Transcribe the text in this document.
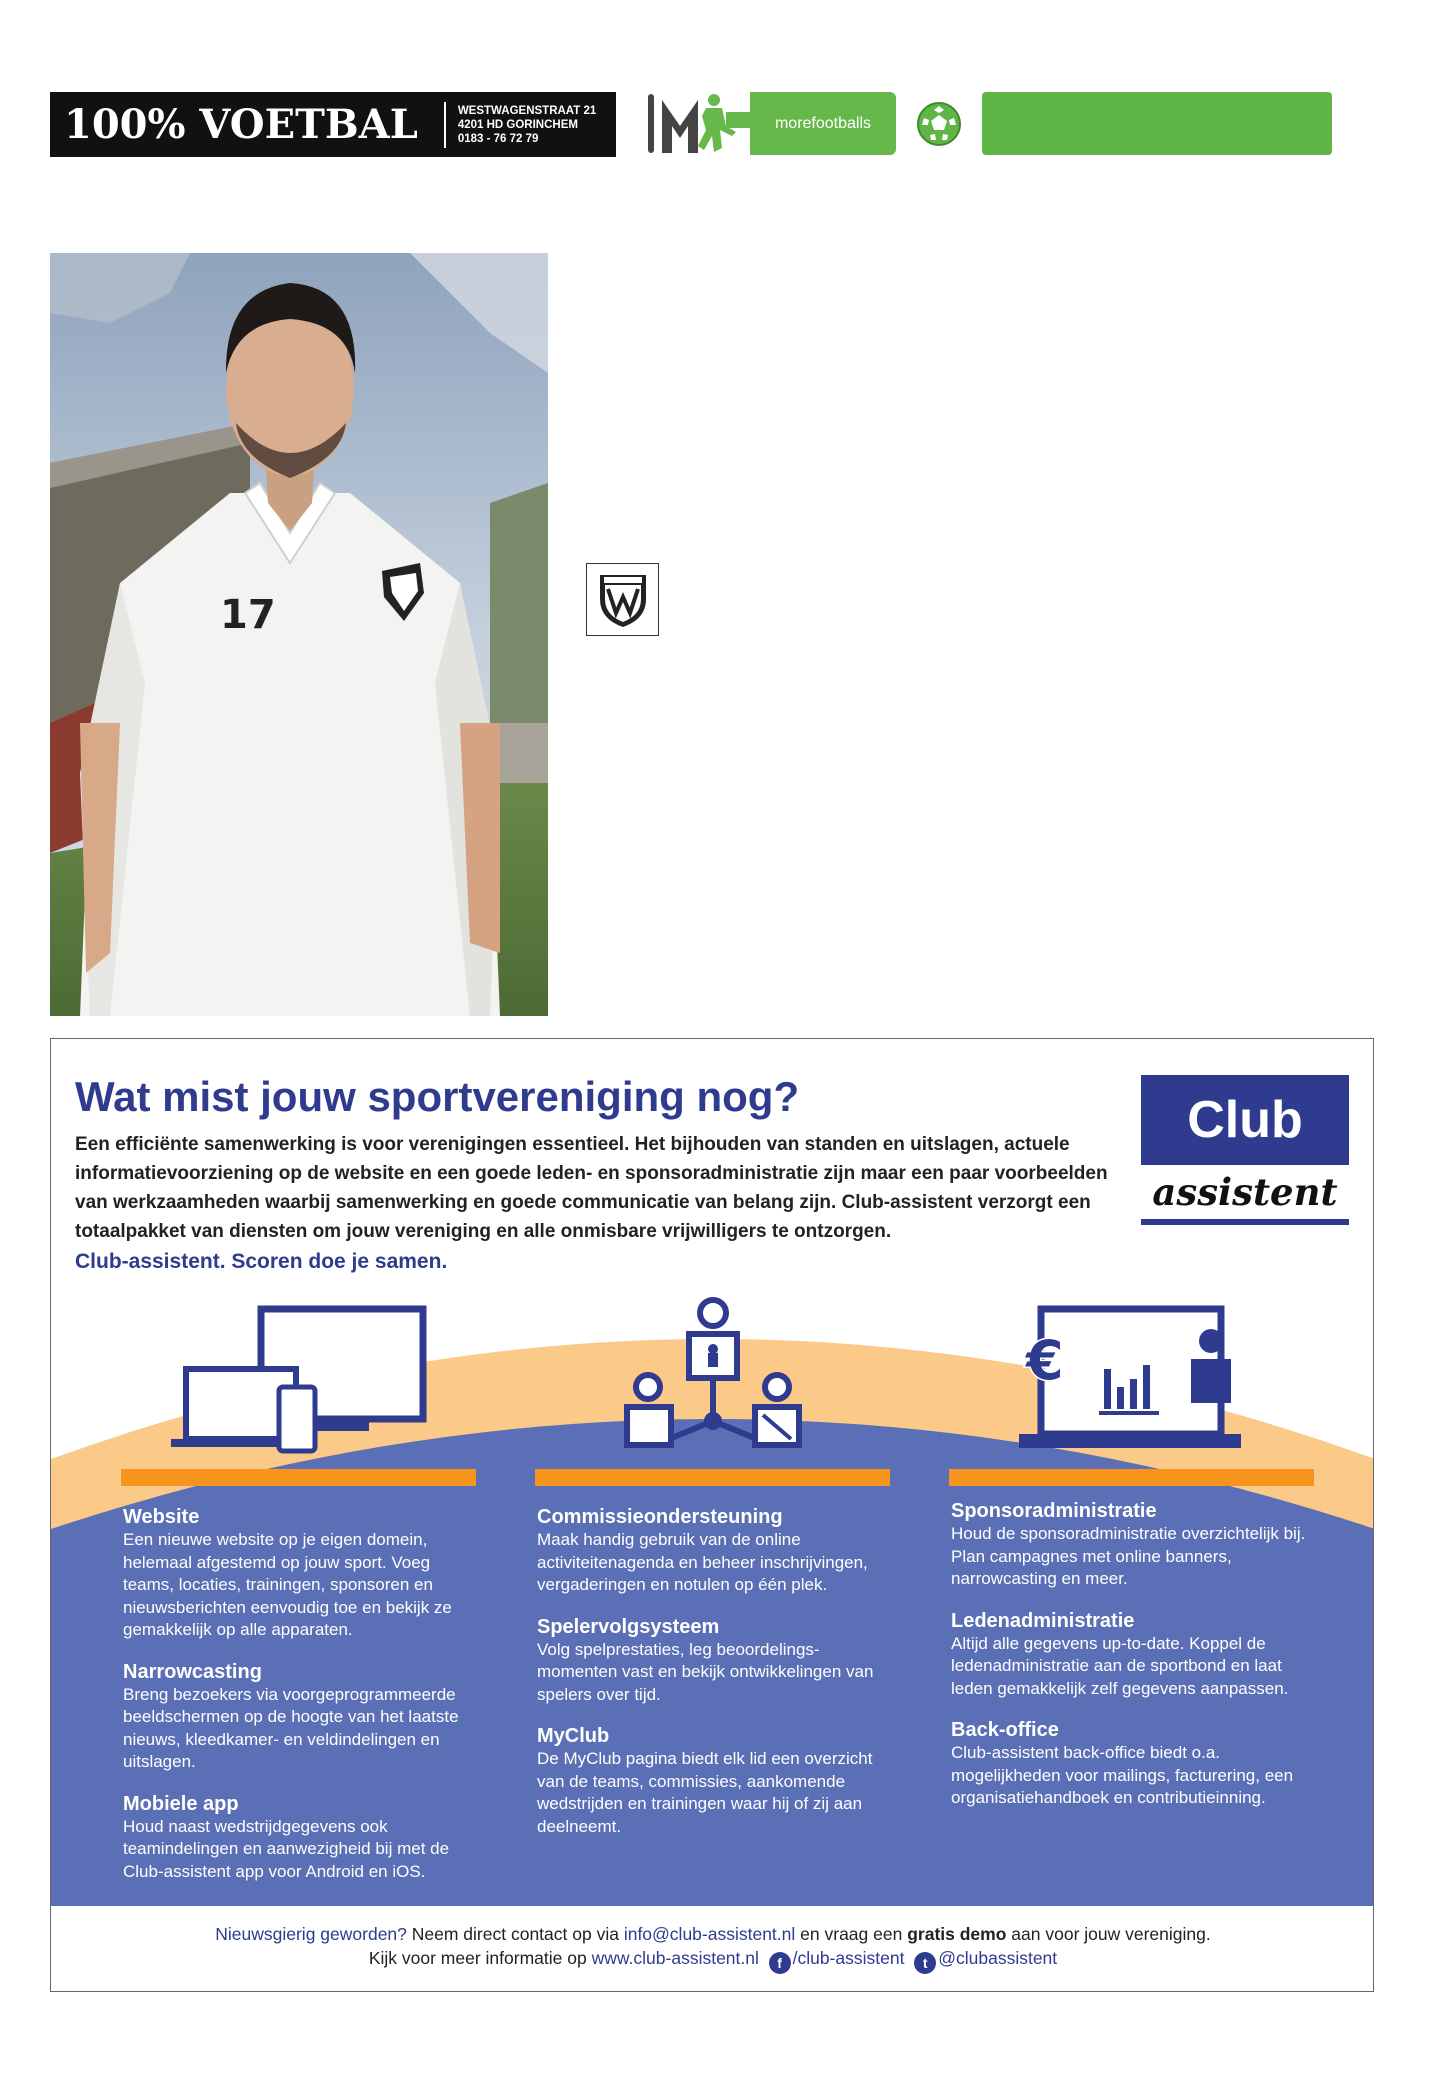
100% VOETBAL	WESTWAGENSTRAAT 21
4201 HD GORINCHEM
0183 - 76 72 79
morefootballs
17
Wat mist jouw sportvereniging nog?
Een efficiënte samenwerking is voor verenigingen essentieel. Het bijhouden van standen en uitslagen, actuele informatievoorziening op de website en een goede leden- en sponsoradministratie zijn maar een paar voorbeelden van werkzaamheden waarbij samenwerking en goede communicatie van belang zijn. Club-assistent verzorgt een totaalpakket van diensten om jouw vereniging en alle onmisbare vrijwilligers te ontzorgen.
Club-assistent. Scoren doe je samen.
Club
assistent
€
Website

Een nieuwe website op je eigen domein, helemaal afgestemd op jouw sport. Voeg teams, locaties, trainingen, sponsoren en nieuwsberichten eenvoudig toe en bekijk ze gemakkelijk op alle apparaten.

Narrowcasting

Breng bezoekers via voorgeprogrammeerde beeldschermen op de hoogte van het laatste nieuws, kleedkamer- en veldindelingen en uitslagen.

Mobiele app

Houd naast wedstrijdgegevens ook teamindelingen en aanwezigheid bij met de Club-assistent app voor Android en iOS.

Commissieondersteuning

Maak handig gebruik van de online activiteitenagenda en beheer inschrijvingen, vergaderingen en notulen op één plek.

Spelervolgsysteem

Volg spelprestaties, leg beoordelings-momenten vast en bekijk ontwikkelingen van spelers over tijd.

MyClub

De MyClub pagina biedt elk lid een overzicht van de teams, commissies, aankomende wedstrijden en trainingen waar hij of zij aan deelneemt.

Sponsoradministratie

Houd de sponsoradministratie overzichtelijk bij. Plan campagnes met online banners, narrowcasting en meer.

Ledenadministratie

Altijd alle gegevens up-to-date. Koppel de ledenadministratie aan de sportbond en laat leden gemakkelijk zelf gegevens aanpassen.

Back-office

Club-assistent back-office biedt o.a. mogelijkheden voor mailings, facturering, een organisatiehandboek en contributieinning.

Nieuwsgierig geworden? Neem direct contact op via info@club-assistent.nl en vraag een gratis demo aan voor jouw vereniging.
Kijk voor meer informatie op www.club-assistent.nl f /club-assistent t @clubassistent
